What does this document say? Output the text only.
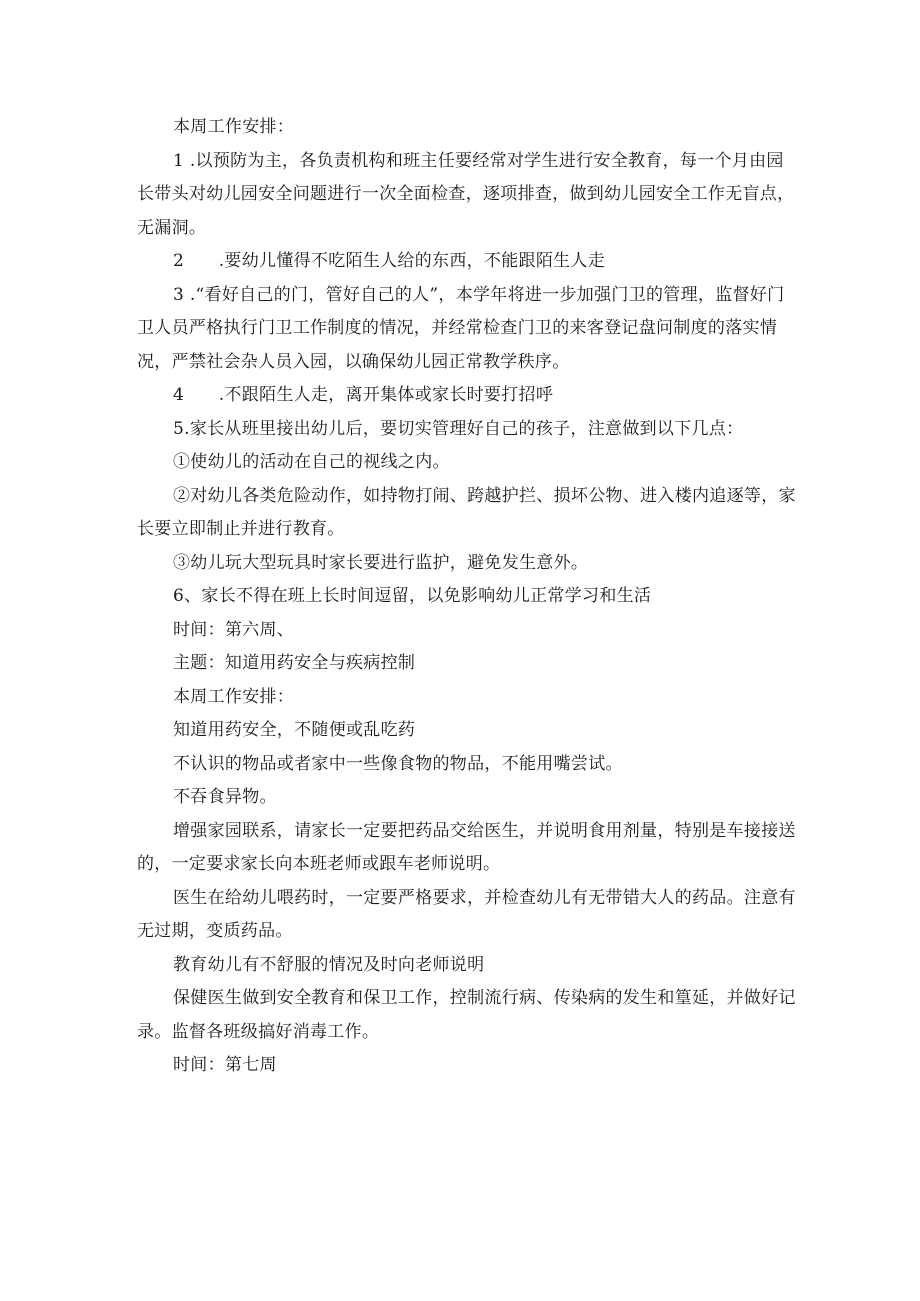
本周工作安排：

1 .以预防为主，各负责机构和班主任要经常对学生进行安全教育，每一个月由园长带头对幼儿园安全问题进行一次全面检查，逐项排查，做到幼儿园安全工作无盲点，无漏洞。

2　　.要幼儿懂得不吃陌生人给的东西，不能跟陌生人走

3 .“看好自己的门，管好自己的人”，本学年将进一步加强门卫的管理，监督好门卫人员严格执行门卫工作制度的情况，并经常检查门卫的来客登记盘问制度的落实情况，严禁社会杂人员入园，以确保幼儿园正常教学秩序。

4　　.不跟陌生人走，离开集体或家长时要打招呼

5.家长从班里接出幼儿后，要切实管理好自己的孩子，注意做到以下几点：

①使幼儿的活动在自己的视线之内。

②对幼儿各类危险动作，如持物打闹、跨越护拦、损坏公物、进入楼内追逐等，家长要立即制止并进行教育。

③幼儿玩大型玩具时家长要进行监护，避免发生意外。

6、家长不得在班上长时间逗留，以免影响幼儿正常学习和生活

时间：第六周、

主题：知道用药安全与疾病控制

本周工作安排：

知道用药安全，不随便或乱吃药

不认识的物品或者家中一些像食物的物品，不能用嘴尝试。

不吞食异物。

增强家园联系，请家长一定要把药品交给医生，并说明食用剂量，特别是车接接送的，一定要求家长向本班老师或跟车老师说明。

医生在给幼儿喂药时，一定要严格要求，并检查幼儿有无带错大人的药品。注意有无过期，变质药品。

教育幼儿有不舒服的情况及时向老师说明

保健医生做到安全教育和保卫工作，控制流行病、传染病的发生和篁延，并做好记录。监督各班级搞好消毒工作。

时间：第七周
